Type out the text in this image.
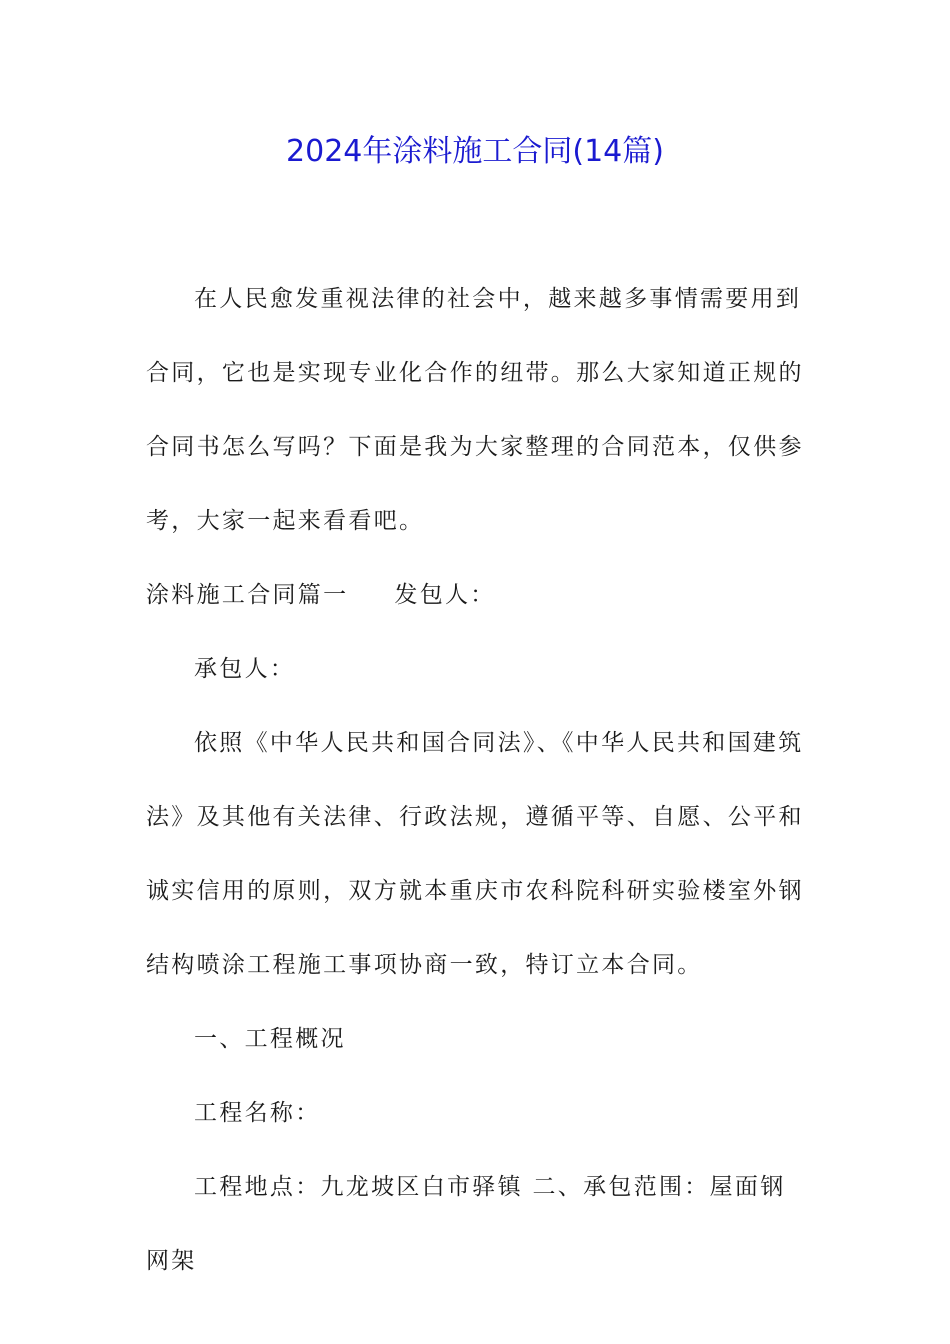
2024年涂料施工合同(14篇)

在人民愈发重视法律的社会中，越来越多事情需要用到合同，它也是实现专业化合作的纽带。那么大家知道正规的合同书怎么写吗？下面是我为大家整理的合同范本，仅供参考，大家一起来看看吧。

涂料施工合同篇一 发包人：

承包人：

依照《中华人民共和国合同法》、《中华人民共和国建筑法》及其他有关法律、行政法规，遵循平等、自愿、公平和诚实信用的原则，双方就本重庆市农科院科研实验楼室外钢结构喷涂工程施工事项协商一致，特订立本合同。

一、工程概况

工程名称：

工程地点：九龙坡区白市驿镇 二、承包范围：屋面钢网架
